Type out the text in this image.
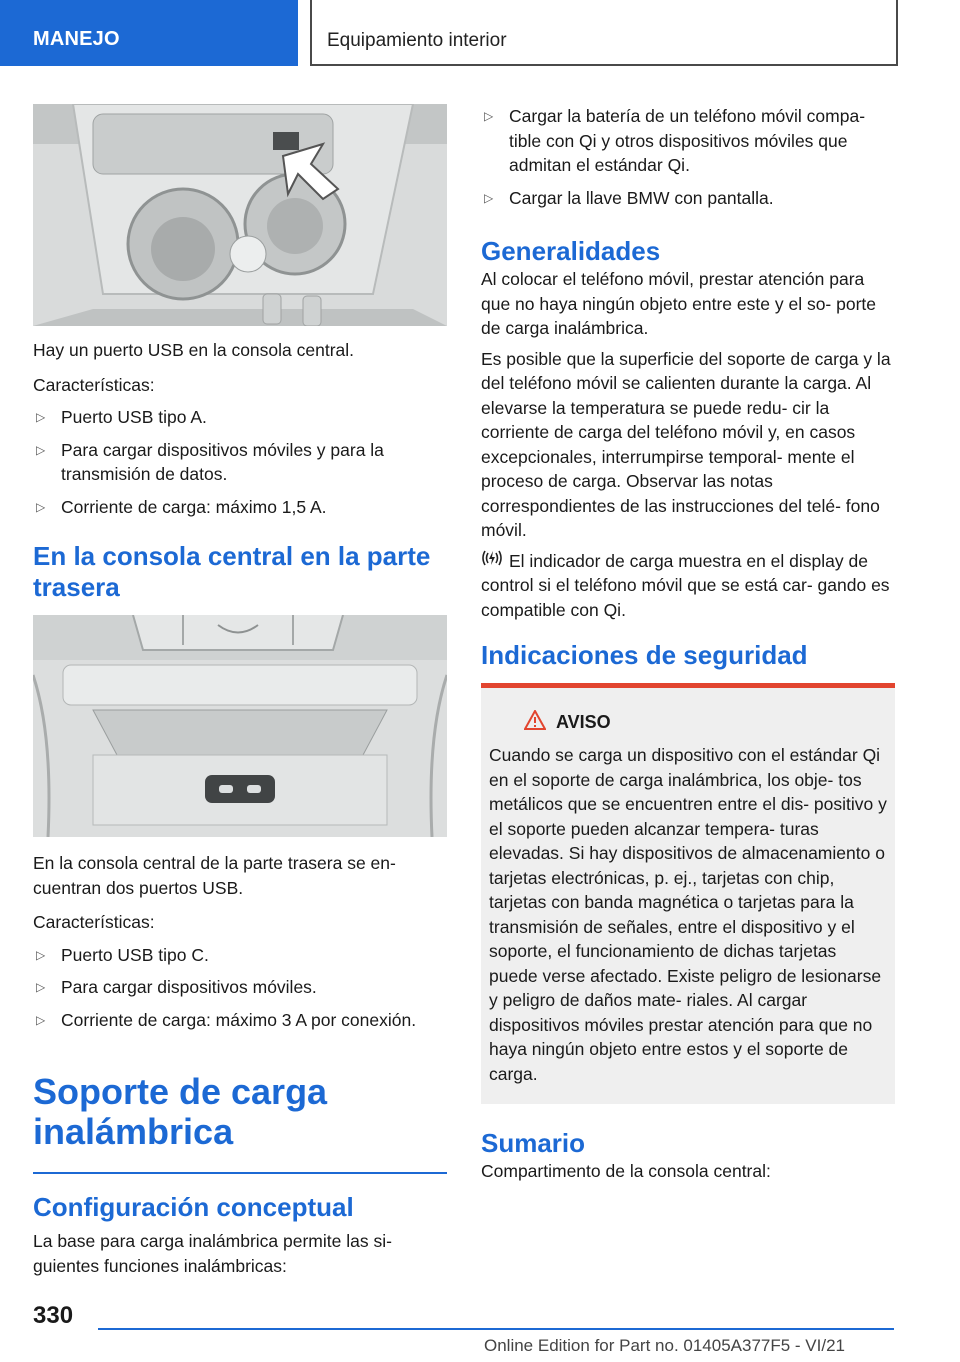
MANEJO	Equipamiento interior

Hay un puerto USB en la consola central.

Características:

▷ Puerto USB tipo A.
▷ Para cargar dispositivos móviles y para la transmisión de datos.
▷ Corriente de carga: máximo 1,5 A.

En la consola central en la parte trasera

En la consola central de la parte trasera se en‐ cuentran dos puertos USB.

Características:

▷ Puerto USB tipo C.
▷ Para cargar dispositivos móviles.
▷ Corriente de carga: máximo 3 A por conexión.

Soporte de carga inalámbrica

Configuración conceptual

La base para carga inalámbrica permite las si‐ guientes funciones inalámbricas:

▷ Cargar la batería de un teléfono móvil compa‐ tible con Qi y otros dispositivos móviles que admitan el estándar Qi.
▷ Cargar la llave BMW con pantalla.

Generalidades

Al colocar el teléfono móvil, prestar atención para que no haya ningún objeto entre este y el so‐ porte de carga inalámbrica.

Es posible que la superficie del soporte de carga y la del teléfono móvil se calienten durante la carga. Al elevarse la temperatura se puede redu‐ cir la corriente de carga del teléfono móvil y, en casos excepcionales, interrumpirse temporal‐ mente el proceso de carga. Observar las notas correspondientes de las instrucciones del telé‐ fono móvil.

El indicador de carga muestra en el display de control si el teléfono móvil que se está car‐ gando es compatible con Qi.

Indicaciones de seguridad

AVISO

Cuando se carga un dispositivo con el estándar Qi en el soporte de carga inalámbrica, los obje‐ tos metálicos que se encuentren entre el dis‐ positivo y el soporte pueden alcanzar tempera‐ turas elevadas. Si hay dispositivos de almacenamiento o tarjetas electrónicas, p. ej., tarjetas con chip, tarjetas con banda magnética o tarjetas para la transmisión de señales, entre el dispositivo y el soporte, el funcionamiento de dichas tarjetas puede verse afectado. Existe peligro de lesionarse y peligro de daños mate‐ riales. Al cargar dispositivos móviles prestar atención para que no haya ningún objeto entre estos y el soporte de carga.

Sumario

Compartimento de la consola central:

330
Online Edition for Part no. 01405A377F5 - VI/21
